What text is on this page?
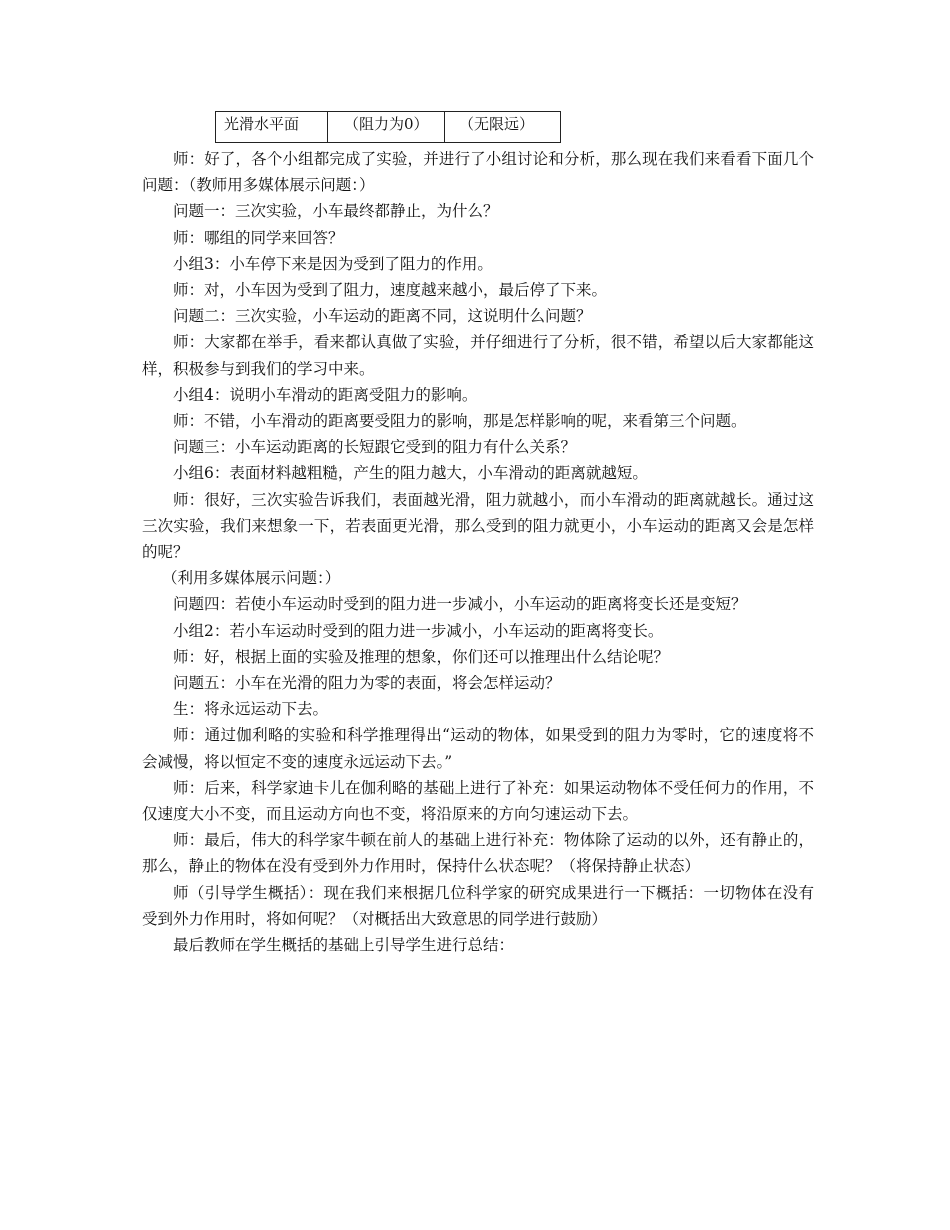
光滑水平面	（阻力为0）	（无限远）

师：好了，各个小组都完成了实验，并进行了小组讨论和分析，那么现在我们来看看下面几个问题：（教师用多媒体展示问题：）

问题一：三次实验，小车最终都静止，为什么？

师：哪组的同学来回答？

小组3：小车停下来是因为受到了阻力的作用。

师：对，小车因为受到了阻力，速度越来越小，最后停了下来。

问题二：三次实验，小车运动的距离不同，这说明什么问题？

师：大家都在举手，看来都认真做了实验，并仔细进行了分析，很不错，希望以后大家都能这样，积极参与到我们的学习中来。

小组4：说明小车滑动的距离受阻力的影响。

师：不错，小车滑动的距离要受阻力的影响，那是怎样影响的呢，来看第三个问题。

问题三：小车运动距离的长短跟它受到的阻力有什么关系？

小组6：表面材料越粗糙，产生的阻力越大，小车滑动的距离就越短。

师：很好，三次实验告诉我们，表面越光滑，阻力就越小，而小车滑动的距离就越长。通过这三次实验，我们来想象一下，若表面更光滑，那么受到的阻力就更小，小车运动的距离又会是怎样的呢？

（利用多媒体展示问题：）

问题四：若使小车运动时受到的阻力进一步减小，小车运动的距离将变长还是变短？

小组2：若小车运动时受到的阻力进一步减小，小车运动的距离将变长。

师：好，根据上面的实验及推理的想象，你们还可以推理出什么结论呢？

问题五：小车在光滑的阻力为零的表面，将会怎样运动？

生：将永远运动下去。

师：通过伽利略的实验和科学推理得出“运动的物体，如果受到的阻力为零时，它的速度将不会减慢，将以恒定不变的速度永远运动下去。”

师：后来，科学家迪卡儿在伽利略的基础上进行了补充：如果运动物体不受任何力的作用，不仅速度大小不变，而且运动方向也不变，将沿原来的方向匀速运动下去。

师：最后，伟大的科学家牛顿在前人的基础上进行补充：物体除了运动的以外，还有静止的，那么，静止的物体在没有受到外力作用时，保持什么状态呢？（将保持静止状态）

师（引导学生概括）：现在我们来根据几位科学家的研究成果进行一下概括：一切物体在没有受到外力作用时，将如何呢？（对概括出大致意思的同学进行鼓励）

最后教师在学生概括的基础上引导学生进行总结：
